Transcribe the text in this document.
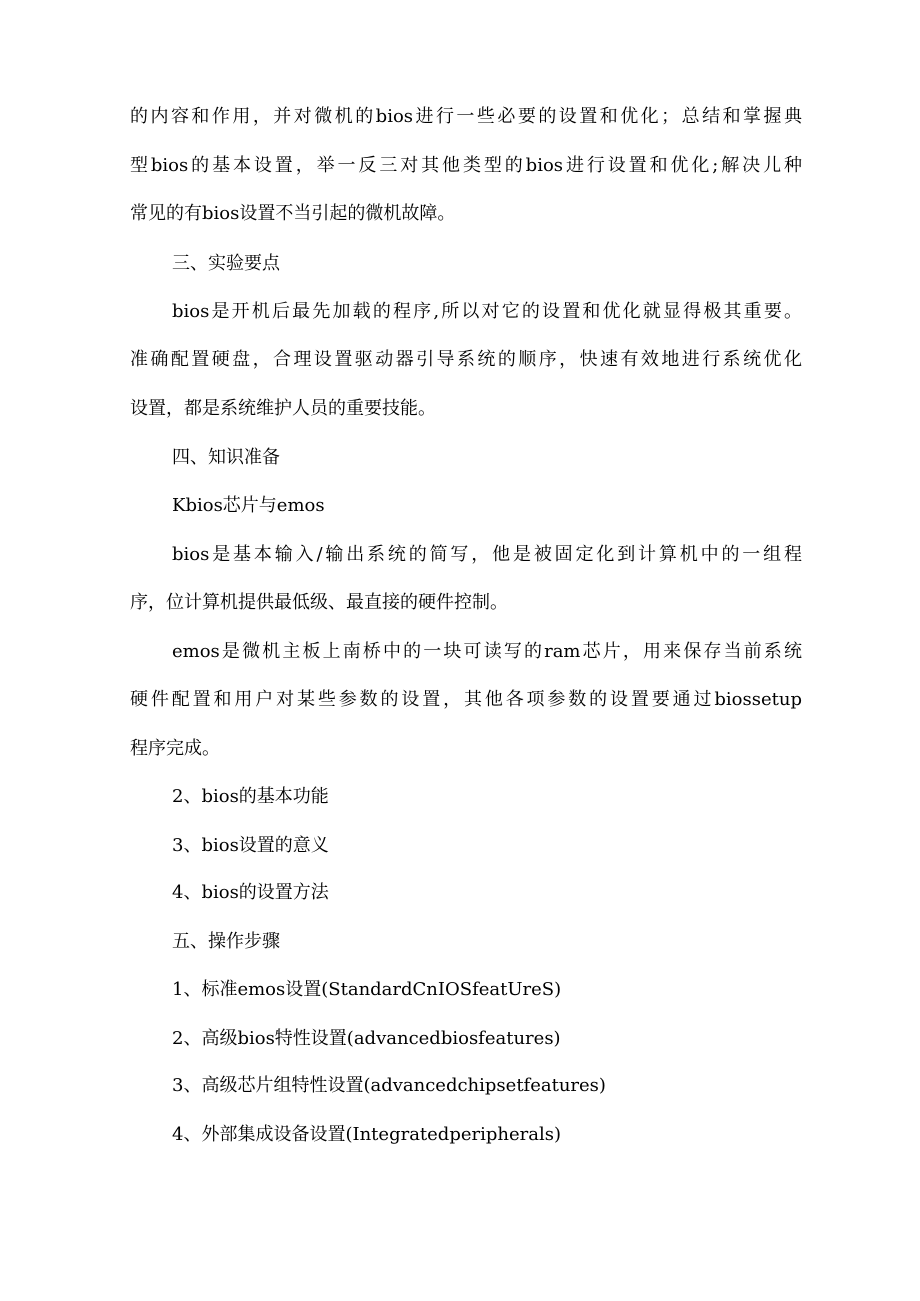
的内容和作用，并对微机的bios进行一些必要的设置和优化；总结和掌握典

型bios的基本设置，举一反三对其他类型的bios进行设置和优化;解决儿种

常见的有bios设置不当引起的微机故障。

三、实验要点

bios是开机后最先加载的程序,所以对它的设置和优化就显得极其重要。

准确配置硬盘，合理设置驱动器引导系统的顺序，快速有效地进行系统优化

设置，都是系统维护人员的重要技能。

四、知识准备

Kbios芯片与emos

bios是基本输入/输出系统的简写，他是被固定化到计算机中的一组程

序，位计算机提供最低级、最直接的硬件控制。

emos是微机主板上南桥中的一块可读写的ram芯片，用来保存当前系统

硬件配置和用户对某些参数的设置，其他各项参数的设置要通过biossetup

程序完成。

2、bios的基本功能

3、bios设置的意义

4、bios的设置方法

五、操作步骤

1、标准emos设置(StandardCnIOSfeatUreS)

2、高级bios特性设置(advancedbiosfeatures)

3、高级芯片组特性设置(advancedchipsetfeatures)

4、外部集成设备设置(Integratedperipherals)
